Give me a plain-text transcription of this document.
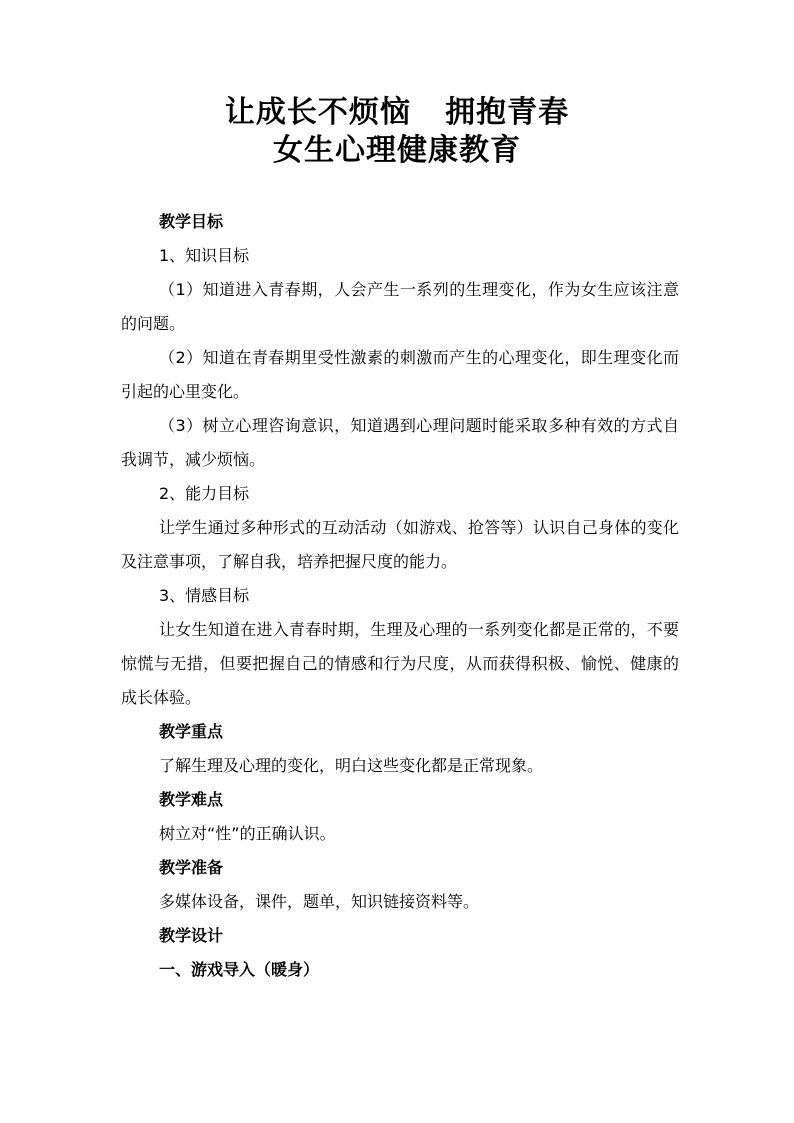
让成长不烦恼   拥抱青春
女生心理健康教育
教学目标
1、知识目标
（1）知道进入青春期，人会产生一系列的生理变化，作为女生应该注意的问题。
（2）知道在青春期里受性激素的刺激而产生的心理变化，即生理变化而引起的心里变化。
（3）树立心理咨询意识，知道遇到心理问题时能采取多种有效的方式自我调节，减少烦恼。
2、能力目标
让学生通过多种形式的互动活动（如游戏、抢答等）认识自己身体的变化及注意事项，了解自我，培养把握尺度的能力。
3、情感目标
让女生知道在进入青春时期，生理及心理的一系列变化都是正常的，不要惊慌与无措，但要把握自己的情感和行为尺度，从而获得积极、愉悦、健康的成长体验。
教学重点
了解生理及心理的变化，明白这些变化都是正常现象。
教学难点
树立对“性”的正确认识。
教学准备
多媒体设备，课件，题单，知识链接资料等。
教学设计
一、游戏导入（暖身）
